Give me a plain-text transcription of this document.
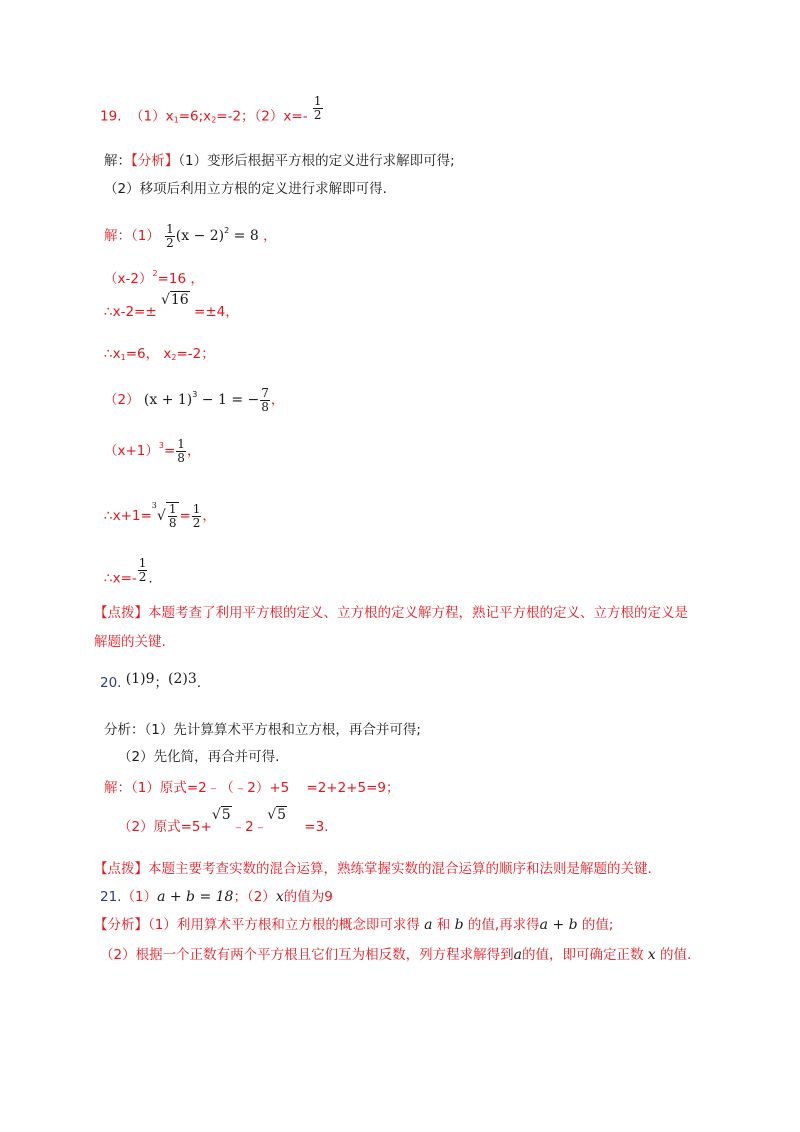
19.  $(1)x_1=6;x_2=-2$；$(2)x=- \frac{1}{2}$
解：【分析】（1）变形后根据平方根的定义进行求解即可得;
（2）移项后利用立方根的定义进行求解即可得.
解：$(1) \frac{1}{2} (x - 2)^2 = 8$ ，
$(x-2)^2=16$ ，
∴x-2=± √16 =±4，
$\therefore x_1=6$， $x_2=-2$；
（2） $(x + 1)^3 - 1$ = − $\frac{7}{8}$ ，
$(x+1)^3= \frac{1}{8}$ ，
∴x+1=$^3$√ $\frac{1}{8} = \frac{1}{2}$ ，
∴x=- $\frac{1}{2}$ .
【点拨】本题考查了利用平方根的定义、立方根的定义解方程，熟记平方根的定义、立方根的定义是
解题的关键.
20. (1)9；(2)3.
分析：（1）先计算算术平方根和立方根，再合并可得;
（2）先化简，再合并可得.
解：（1）原式=2﹣（﹣2）+5    =2+2+5=9；
（2）原式=5+√5﹣2﹣√5    =3.
【点拨】本题主要考查实数的混合运算，熟练掌握实数的混合运算的顺序和法则是解题的关键.
21.（1）a + b = 18；（2）x的值为9
【分析】（1）利用算术平方根和立方根的概念即可求得 a 和 b 的值,再求得a + b 的值;
（2）根据一个正数有两个平方根且它们互为相反数，列方程求解得到a的值，即可确定正数 x 的值.
